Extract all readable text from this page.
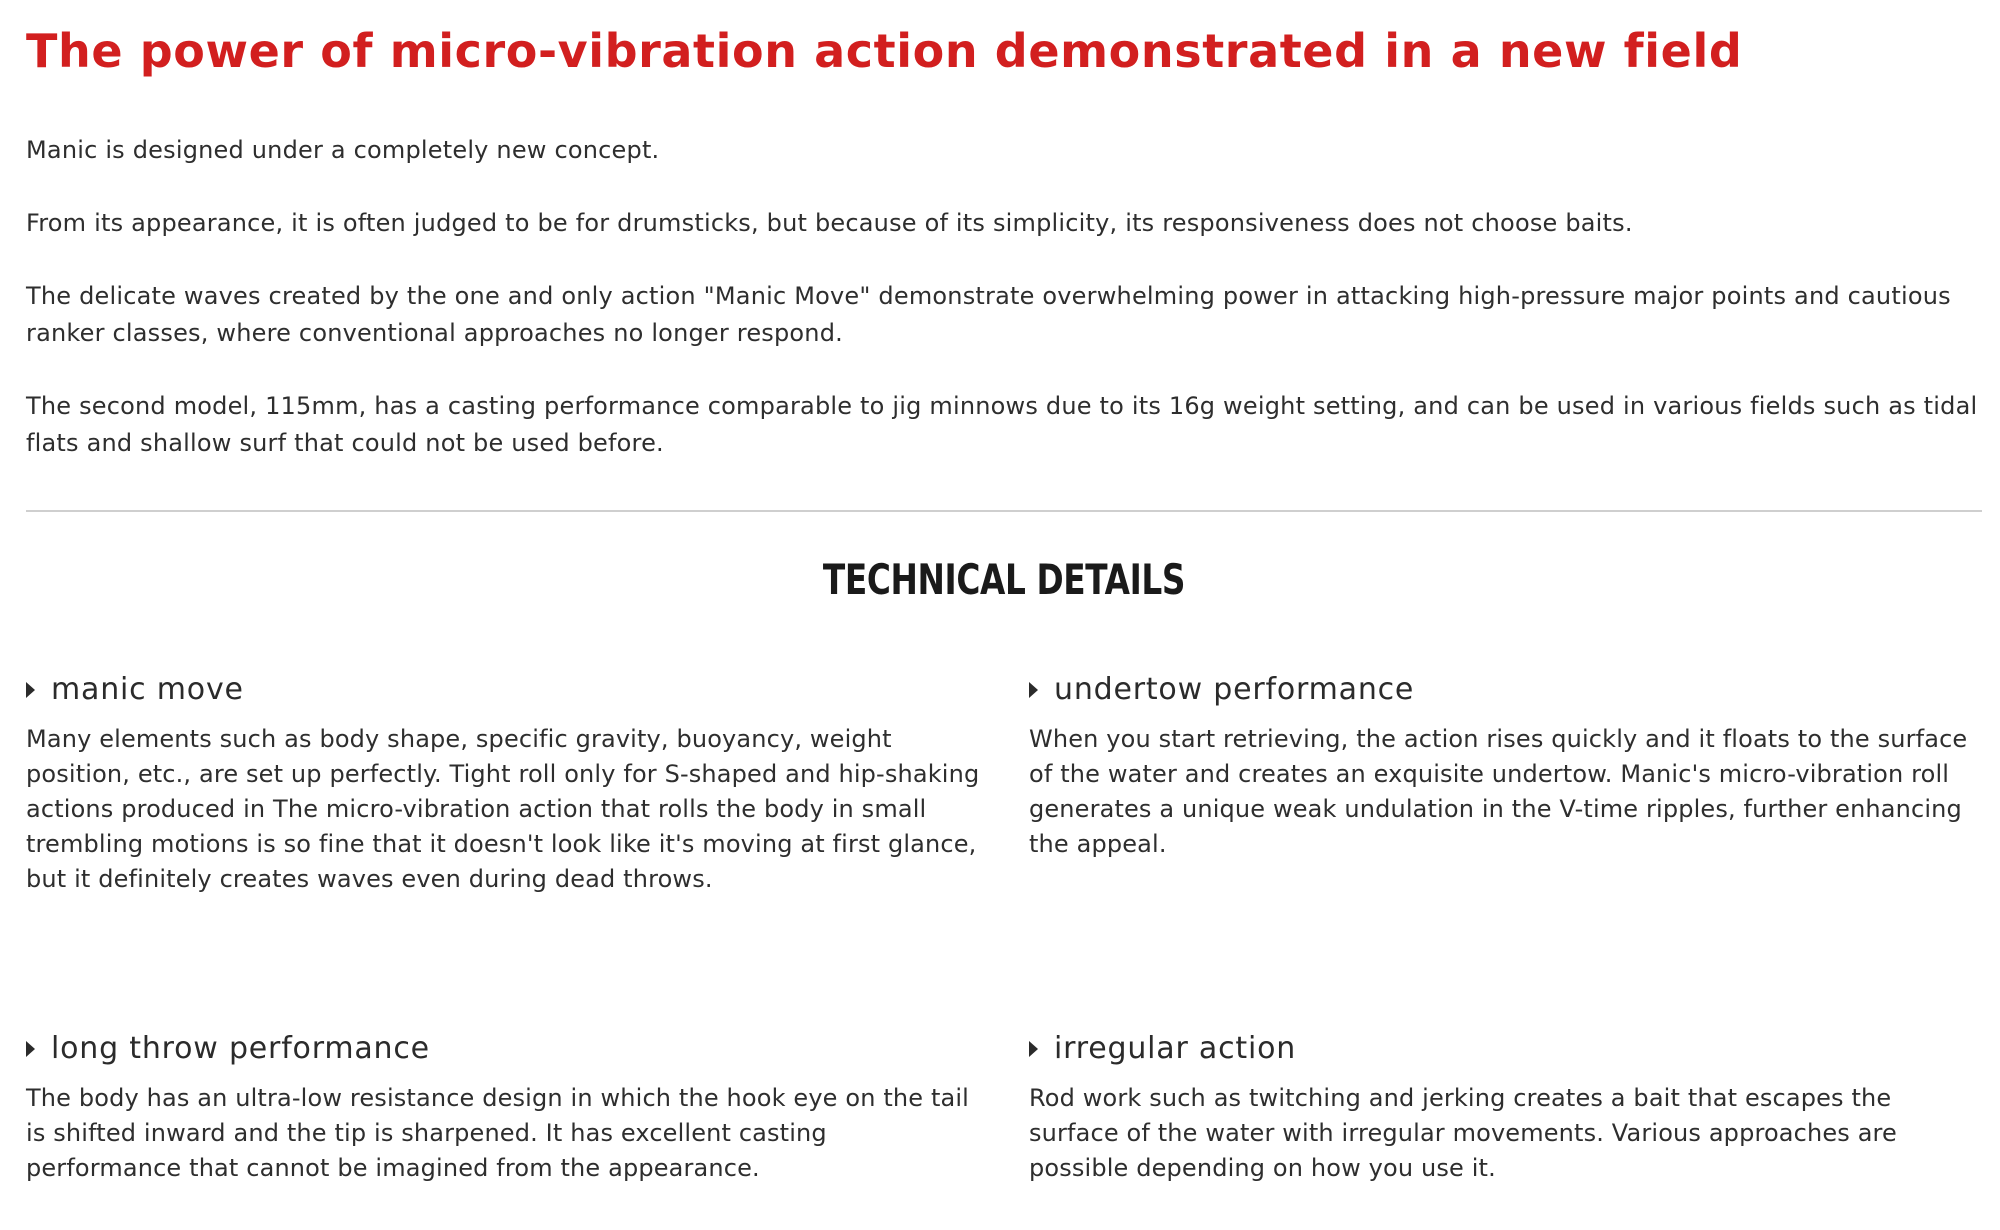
The power of micro-vibration action demonstrated in a new field

Manic is designed under a completely new concept.

From its appearance, it is often judged to be for drumsticks, but because of its simplicity, its responsiveness does not choose baits.

The delicate waves created by the one and only action "Manic Move" demonstrate overwhelming power in attacking high-pressure major points and cautious ranker classes, where conventional approaches no longer respond.

The second model, 115mm, has a casting performance comparable to jig minnows due to its 16g weight setting, and can be used in various fields such as tidal flats and shallow surf that could not be used before.

TECHNICAL DETAILS
manic move

Many elements such as body shape, specific gravity, buoyancy, weight position, etc., are set up perfectly. Tight roll only for S-shaped and hip-shaking actions produced in The micro-vibration action that rolls the body in small trembling motions is so fine that it doesn't look like it's moving at first glance, but it definitely creates waves even during dead throws.

undertow performance

When you start retrieving, the action rises quickly and it floats to the surface of the water and creates an exquisite undertow. Manic's micro-vibration roll generates a unique weak undulation in the V-time ripples, further enhancing the appeal.

long throw performance

The body has an ultra-low resistance design in which the hook eye on the tail is shifted inward and the tip is sharpened. It has excellent casting performance that cannot be imagined from the appearance.

irregular action

Rod work such as twitching and jerking creates a bait that escapes the surface of the water with irregular movements. Various approaches are possible depending on how you use it.
